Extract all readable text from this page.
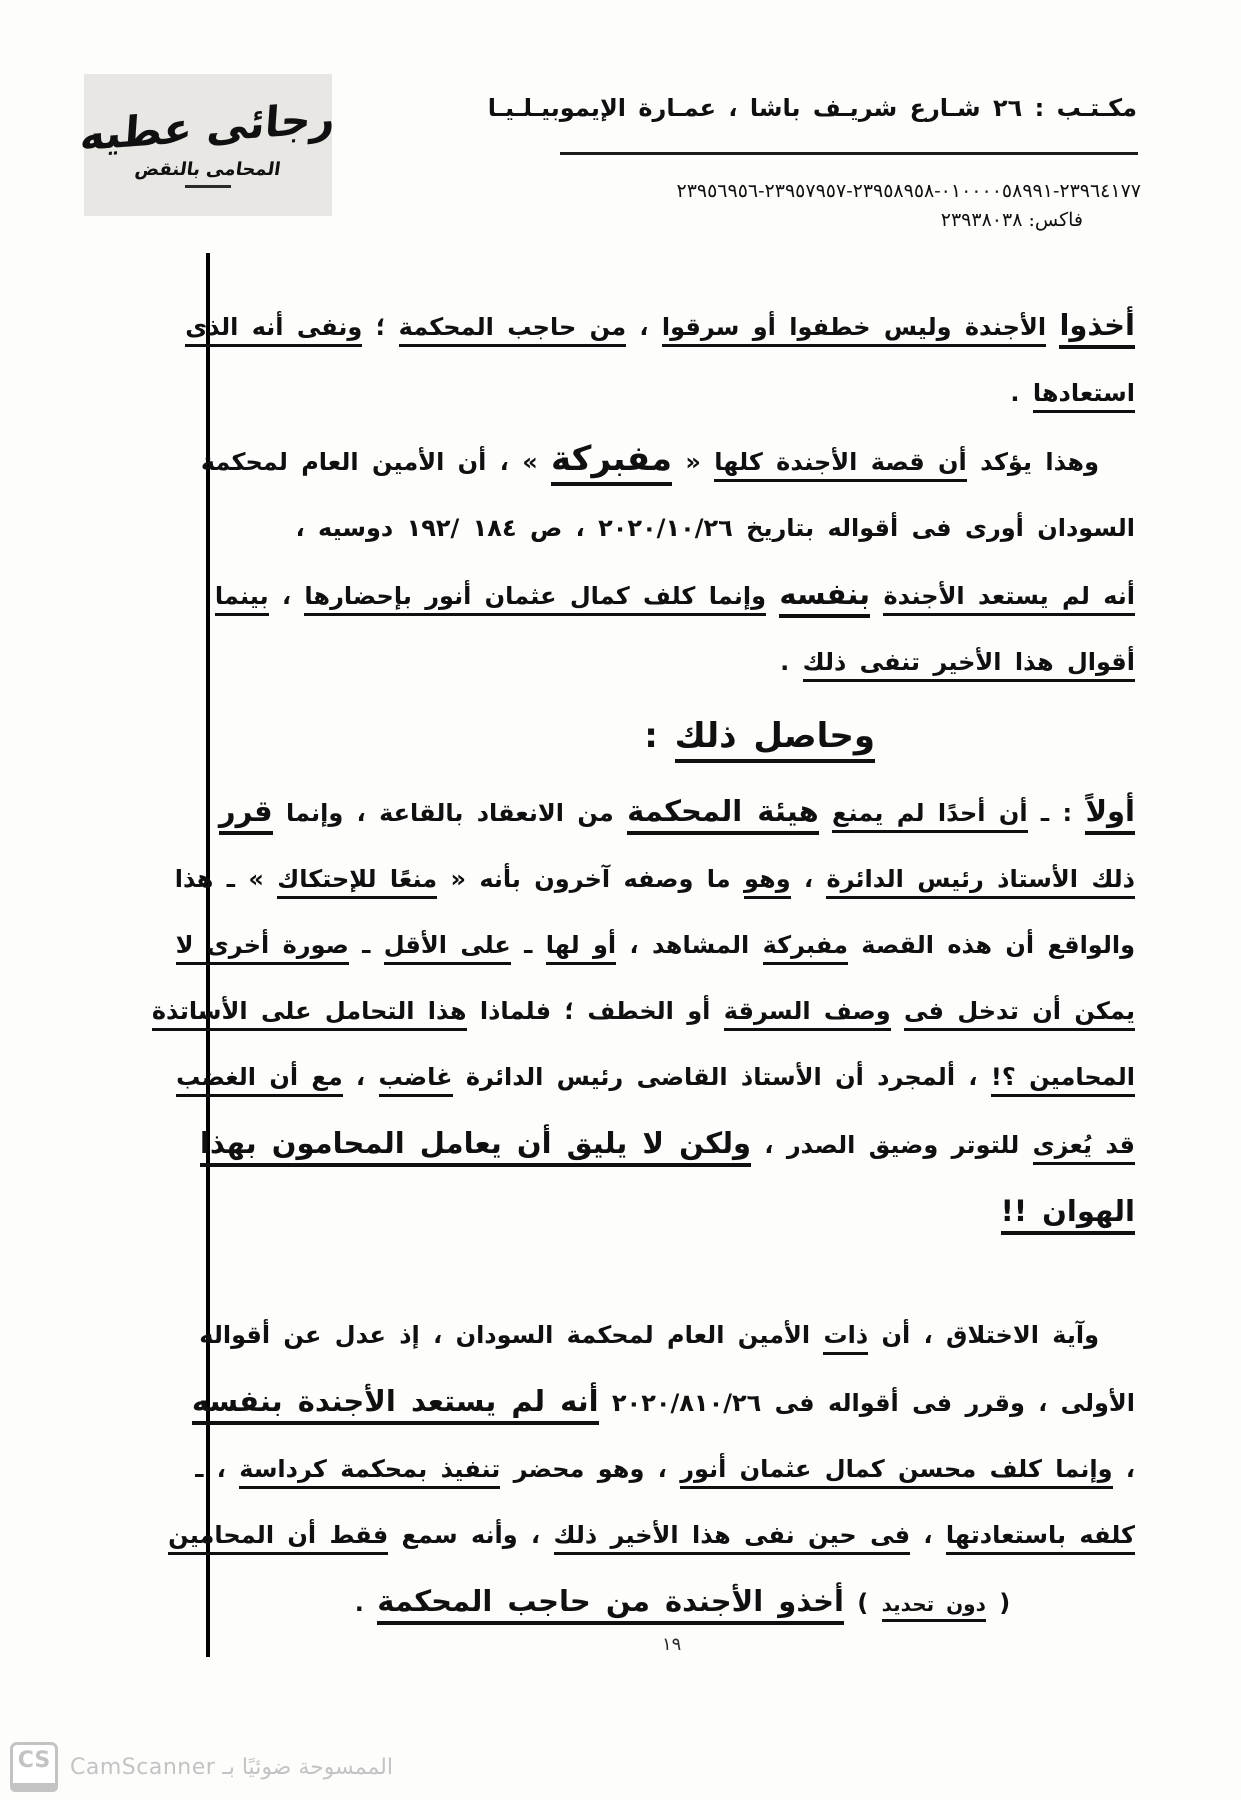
رجائى عطيه
المحامى بالنقض
مكـتـب : ٢٦ شـارع شريـف باشا ، عمـارة الإيموبيـلـيـا
٢٣٩٦٤١٧٧-٠١٠٠٠٠٥٨٩٩١-٢٣٩٥٨٩٥٨-٢٣٩٥٧٩٥٧-٢٣٩٥٦٩٥٦
فاكس: ٢٣٩٣٨٠٣٨
أخذوا الأجندة وليس خطفوا أو سرقوا ، من حاجب المحكمة ؛ ونفى أنه الذى
استعادها .
وهذا يؤكد أن قصة الأجندة كلها « مفبركة » ، أن الأمين العام لمحكمة
السودان أورى فى أقواله بتاريخ ٢٠٢٠/١٠/٢٦ ، ص ١٨٤ /١٩٢ دوسيه ،
أنه لم يستعد الأجندة بنفسه وإنما كلف كمال عثمان أنور بإحضارها ، بينما
أقوال هذا الأخير تنفى ذلك .
وحاصل ذلك :
أولاً : ـ أن أحدًا لم يمنع هيئة المحكمة من الانعقاد بالقاعة ، وإنما قرر
ذلك الأستاذ رئيس الدائرة ، وهو ما وصفه آخرون بأنه « منعًا للإحتكاك » ـ هذا
والواقع أن هذه القصة مفبركة المشاهد ، أو لها ـ على الأقل ـ صورة أخرى لا
يمكن أن تدخل فى وصف السرقة أو الخطف ؛ فلماذا هذا التحامل على الأساتذة
المحامين ؟! ، ألمجرد أن الأستاذ القاضى رئيس الدائرة غاضب ، مع أن الغضب
قد يُعزى للتوتر وضيق الصدر ، ولكن لا يليق أن يعامل المحامون بهذا
الهوان !!
وآية الاختلاق ، أن ذات الأمين العام لمحكمة السودان ، إذ عدل عن أقواله
الأولى ، وقرر فى أقواله فى ٢٠٢٠/٨١٠/٢٦ أنه لم يستعد الأجندة بنفسه
، وإنما كلف محسن كمال عثمان أنور ، وهو محضر تنفيذ بمحكمة كرداسة ، ـ
كلفه باستعادتها ، فى حين نفى هذا الأخير ذلك ، وأنه سمع فقط أن المحامين
( دون تحديد ) أخذو الأجندة من حاجب المحكمة .
١٩
CS الممسوحة ضوئيًا بـ CamScanner
